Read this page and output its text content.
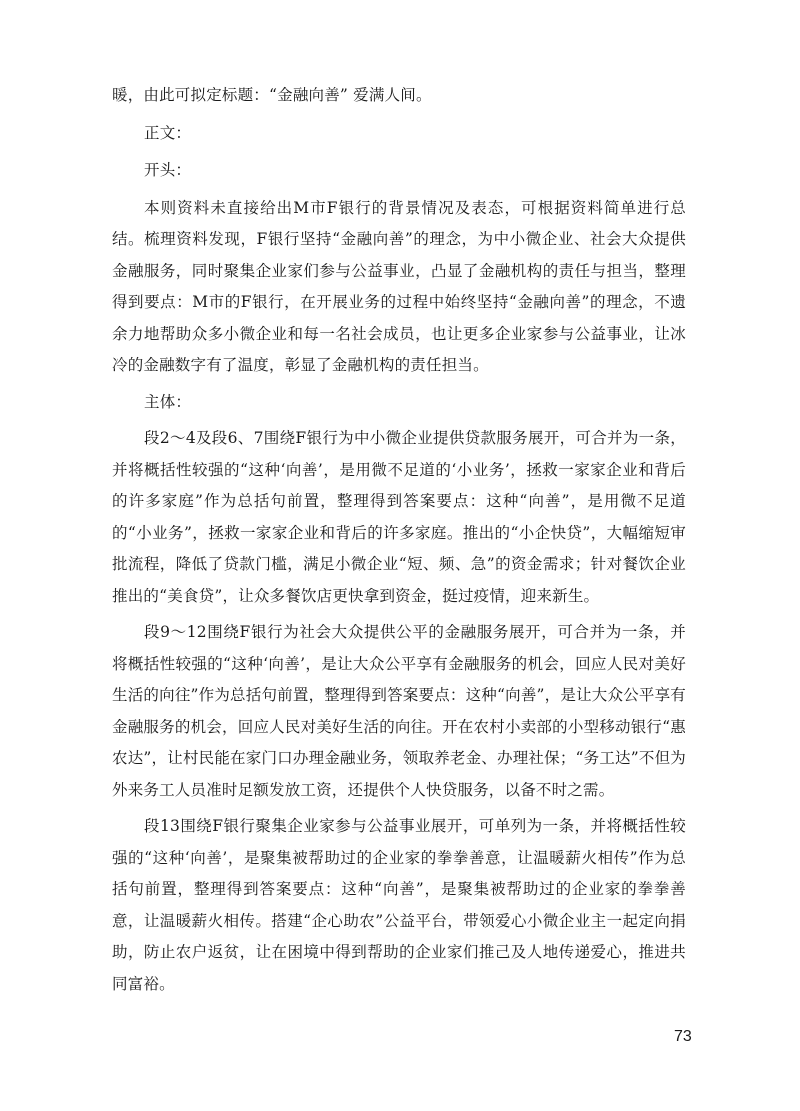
暖，由此可拟定标题：“金融向善” 爱满人间。

正文：

开头：

本则资料未直接给出M市F银行的背景情况及表态，可根据资料简单进行总结。梳理资料发现，F银行坚持“金融向善”的理念，为中小微企业、社会大众提供金融服务，同时聚集企业家们参与公益事业，凸显了金融机构的责任与担当，整理得到要点：M市的F银行，在开展业务的过程中始终坚持“金融向善”的理念，不遗余力地帮助众多小微企业和每一名社会成员，也让更多企业家参与公益事业，让冰冷的金融数字有了温度，彰显了金融机构的责任担当。

主体：

段2～4及段6、7围绕F银行为中小微企业提供贷款服务展开，可合并为一条，并将概括性较强的“这种‘向善’，是用微不足道的‘小业务’，拯救一家家企业和背后的许多家庭”作为总括句前置，整理得到答案要点：这种“向善”，是用微不足道的“小业务”，拯救一家家企业和背后的许多家庭。推出的“小企快贷”，大幅缩短审批流程，降低了贷款门槛，满足小微企业“短、频、急”的资金需求；针对餐饮企业推出的“美食贷”，让众多餐饮店更快拿到资金，挺过疫情，迎来新生。

段9～12围绕F银行为社会大众提供公平的金融服务展开，可合并为一条，并将概括性较强的“这种‘向善’，是让大众公平享有金融服务的机会，回应人民对美好生活的向往”作为总括句前置，整理得到答案要点：这种“向善”，是让大众公平享有金融服务的机会，回应人民对美好生活的向往。开在农村小卖部的小型移动银行“惠农达”，让村民能在家门口办理金融业务，领取养老金、办理社保；“务工达”不但为外来务工人员准时足额发放工资，还提供个人快贷服务，以备不时之需。

段13围绕F银行聚集企业家参与公益事业展开，可单列为一条，并将概括性较强的“这种‘向善’，是聚集被帮助过的企业家的拳拳善意，让温暖薪火相传”作为总括句前置，整理得到答案要点：这种“向善”，是聚集被帮助过的企业家的拳拳善意，让温暖薪火相传。搭建“企心助农”公益平台，带领爱心小微企业主一起定向捐助，防止农户返贫，让在困境中得到帮助的企业家们推己及人地传递爱心，推进共同富裕。

73
